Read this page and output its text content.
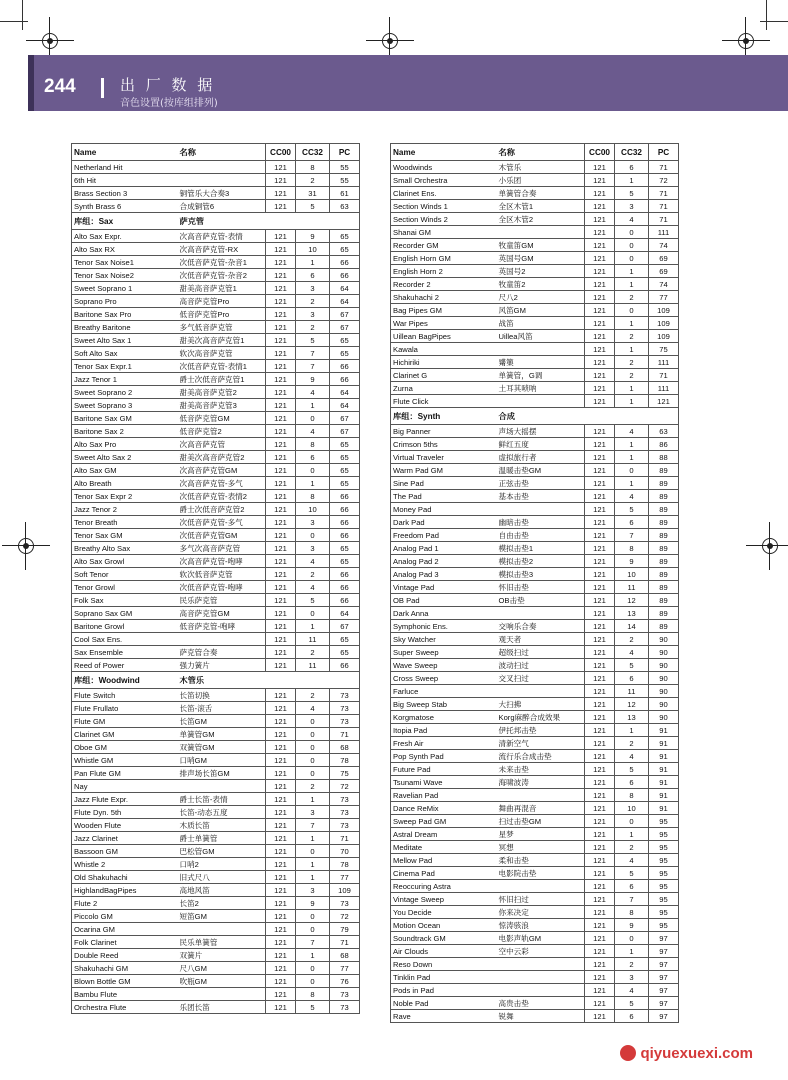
244	出 厂 数 据
音色设置(按库组排列)
Name	名称	CC00	CC32	PC
Netherland Hit		121	8	55
6th Hit		121	2	55
Brass Section 3	铜管乐大合奏3	121	31	61
Synth Brass 6	合成铜管6	121	5	63
库组：Sax	萨克管			
Alto Sax Expr.	次高音萨克管-表情	121	9	65
Alto Sax RX	次高音萨克管-RX	121	10	65
Tenor Sax Noise1	次低音萨克管-杂音1	121	1	66
Tenor Sax Noise2	次低音萨克管-杂音2	121	6	66
Sweet Soprano 1	甜美高音萨克管1	121	3	64
Soprano Pro	高音萨克管Pro	121	2	64
Baritone Sax Pro	低音萨克管Pro	121	3	67
Breathy Baritone	多气低音萨克管	121	2	67
Sweet Alto Sax 1	甜美次高音萨克管1	121	5	65
Soft Alto Sax	软次高音萨克管	121	7	65
Tenor Sax Expr.1	次低音萨克管-表情1	121	7	66
Jazz Tenor 1	爵士次低音萨克管1	121	9	66
Sweet Soprano 2	甜美高音萨克管2	121	4	64
Sweet Soprano 3	甜美高音萨克管3	121	1	64
Baritone Sax GM	低音萨克管GM	121	0	67
Baritone Sax 2	低音萨克管2	121	4	67
Alto Sax Pro	次高音萨克管	121	8	65
Sweet Alto Sax 2	甜美次高音萨克管2	121	6	65
Alto Sax GM	次高音萨克管GM	121	0	65
Alto Breath	次高音萨克管-多气	121	1	65
Tenor Sax Expr 2	次低音萨克管-表情2	121	8	66
Jazz Tenor 2	爵士次低音萨克管2	121	10	66
Tenor Breath	次低音萨克管-多气	121	3	66
Tenor Sax GM	次低音萨克管GM	121	0	66
Breathy Alto Sax	多气次高音萨克管	121	3	65
Alto Sax Growl	次高音萨克管-咆哮	121	4	65
Soft Tenor	软次低音萨克管	121	2	66
Tenor Growl	次低音萨克管-咆哮	121	4	66
Folk Sax	民乐萨克管	121	5	66
Soprano Sax GM	高音萨克管GM	121	0	64
Baritone Growl	低音萨克管-咆哮	121	1	67
Cool Sax Ens.		121	11	65
Sax Ensemble	萨克管合奏	121	2	65
Reed of Power	强力簧片	121	11	66
库组：Woodwind	木管乐			
Flute Switch	长笛切换	121	2	73
Flute Frullato	长笛-滚舌	121	4	73
Flute GM	长笛GM	121	0	73
Clarinet GM	单簧管GM	121	0	71
Oboe GM	双簧管GM	121	0	68
Whistle GM	口哨GM	121	0	78
Pan Flute GM	排声场长笛GM	121	0	75
Nay		121	2	72
Jazz Flute Expr.	爵士长笛-表情	121	1	73
Flute Dyn. 5th	长笛-动态五度	121	3	73
Wooden Flute	木质长笛	121	7	73
Jazz Clarinet	爵士单簧管	121	1	71
Bassoon GM	巴松管GM	121	0	70
Whistle 2	口哨2	121	1	78
Old Shakuhachi	旧式尺八	121	1	77
HighlandBagPipes	高地风笛	121	3	109
Flute 2	长笛2	121	9	73
Piccolo GM	短笛GM	121	0	72
Ocarina GM		121	0	79
Folk Clarinet	民乐单簧管	121	7	71
Double Reed	双簧片	121	1	68
Shakuhachi GM	尺八GM	121	0	77
Blown Bottle GM	吹瓶GM	121	0	76
Bambu Flute		121	8	73
Orchestra Flute	乐团长笛	121	5	73
Name	名称	CC00	CC32	PC
Woodwinds	木管乐	121	6	71
Small Orchestra	小乐团	121	1	72
Clarinet Ens.	单簧管合奏	121	5	71
Section Winds 1	全区木管1	121	3	71
Section Winds 2	全区木管2	121	4	71
Shanai GM		121	0	111
Recorder GM	牧童笛GM	121	0	74
English Horn GM	英国号GM	121	0	69
English Horn 2	英国号2	121	1	69
Recorder 2	牧童笛2	121	1	74
Shakuhachi 2	尺八2	121	2	77
Bag Pipes GM	风笛GM	121	0	109
War Pipes	战笛	121	1	109
Uillean BagPipes	Uillea风笛	121	2	109
Kawala		121	1	75
Hichiriki	觱篥	121	2	111
Clarinet G	单簧管，G调	121	2	71
Zurna	土耳其唢呐	121	1	111
Flute Click		121	1	121
库组：Synth	合成			
Big Panner	声场大摇摆	121	4	63
Crimson 5ths	鲜红五度	121	1	86
Virtual Traveler	虚拟旅行者	121	1	88
Warm Pad GM	温暖击垫GM	121	0	89
Sine Pad	正弦击垫	121	1	89
The Pad	基本击垫	121	4	89
Money Pad		121	5	89
Dark Pad	幽暗击垫	121	6	89
Freedom Pad	自由击垫	121	7	89
Analog Pad 1	模拟击垫1	121	8	89
Analog Pad 2	模拟击垫2	121	9	89
Analog Pad 3	模拟击垫3	121	10	89
Vintage Pad	怀旧击垫	121	11	89
OB Pad	OB击垫	121	12	89
Dark Anna		121	13	89
Symphonic Ens.	交响乐合奏	121	14	89
Sky Watcher	观天者	121	2	90
Super Sweep	超级扫过	121	4	90
Wave Sweep	波动扫过	121	5	90
Cross Sweep	交叉扫过	121	6	90
Farluce		121	11	90
Big Sweep Stab	大扫拂	121	12	90
Korgmatose	Korg麻醉合成效果	121	13	90
Itopia Pad	伊托邦击垫	121	1	91
Fresh Air	清新空气	121	2	91
Pop Synth Pad	流行乐合成击垫	121	4	91
Future Pad	未来击垫	121	5	91
Tsunami Wave	海啸波涛	121	6	91
Ravelian Pad		121	8	91
Dance ReMix	舞曲再混音	121	10	91
Sweep Pad GM	扫过击垫GM	121	0	95
Astral Dream	星梦	121	1	95
Meditate	冥想	121	2	95
Mellow Pad	柔和击垫	121	4	95
Cinema Pad	电影院击垫	121	5	95
Reoccuring Astra		121	6	95
Vintage Sweep	怀旧扫过	121	7	95
You Decide	你来决定	121	8	95
Motion Ocean	惊涛骇浪	121	9	95
Soundtrack GM	电影声轨GM	121	0	97
Air Clouds	空中云彩	121	1	97
Reso Down		121	2	97
Tinklin Pad		121	3	97
Pods in Pad		121	4	97
Noble Pad	高贵击垫	121	5	97
Rave	锐舞	121	6	97
qiyuexuexi.com
